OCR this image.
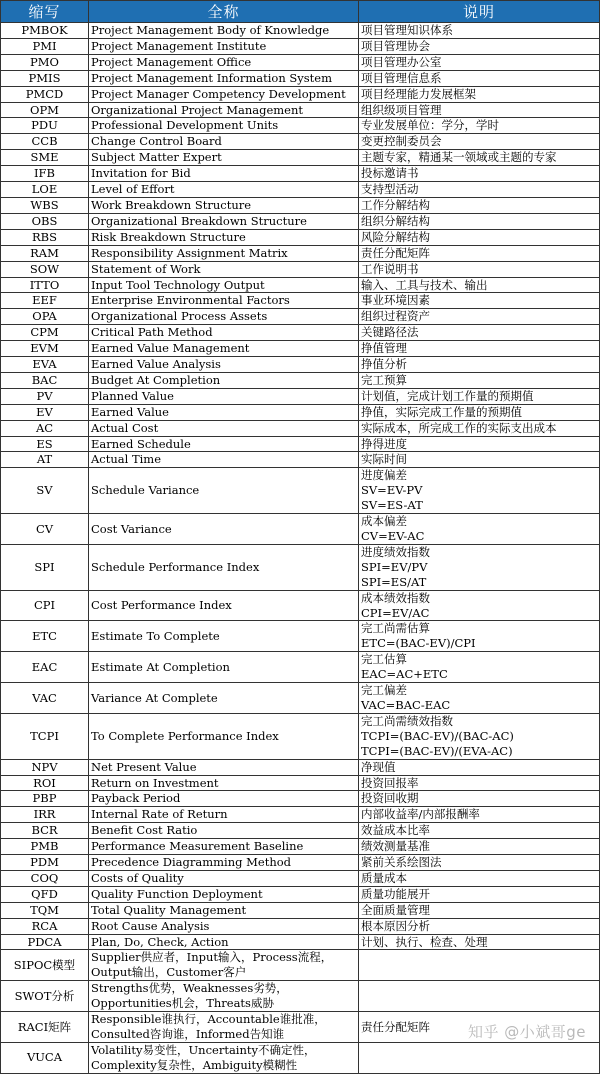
缩写	全称	说明
PMBOK	Project Management Body of Knowledge	项目管理知识体系

PMI	Project Management Institute	项目管理协会

PMO	Project Management Office	项目管理办公室

PMIS	Project Management Information System	项目管理信息系

PMCD	Project Manager Competency Development	项目经理能力发展框架

OPM	Organizational Project Management	组织级项目管理

PDU	Professional Development Units	专业发展单位：学分，学时

CCB	Change Control Board	变更控制委员会

SME	Subject Matter Expert	主题专家，精通某一领域或主题的专家

IFB	Invitation for Bid	投标邀请书

LOE	Level of Effort	支持型活动

WBS	Work Breakdown Structure	工作分解结构

OBS	Organizational Breakdown Structure	组织分解结构

RBS	Risk Breakdown Structure	风险分解结构

RAM	Responsibility Assignment Matrix	责任分配矩阵

SOW	Statement of Work	工作说明书

ITTO	Input Tool Technology Output	输入、工具与技术、输出

EEF	Enterprise Environmental Factors	事业环境因素

OPA	Organizational Process Assets	组织过程资产

CPM	Critical Path Method	关键路径法

EVM	Earned Value Management	挣值管理

EVA	Earned Value Analysis	挣值分析

BAC	Budget At Completion	完工预算

PV	Planned Value	计划值，完成计划工作量的预期值

EV	Earned Value	挣值，实际完成工作量的预期值

AC	Actual Cost	实际成本，所完成工作的实际支出成本

ES	Earned Schedule	挣得进度

AT	Actual Time	实际时间

SV	Schedule Variance	进度偏差
SV=EV-PV
SV=ES-AT

CV	Cost Variance	成本偏差
CV=EV-AC

SPI	Schedule Performance Index	进度绩效指数
SPI=EV/PV
SPI=ES/AT

CPI	Cost Performance Index	成本绩效指数
CPI=EV/AC

ETC	Estimate To Complete	完工尚需估算
ETC=(BAC-EV)/CPI

EAC	Estimate At Completion	完工估算
EAC=AC+ETC

VAC	Variance At Complete	完工偏差
VAC=BAC-EAC

TCPI	To Complete Performance Index	完工尚需绩效指数
TCPI=(BAC-EV)/(BAC-AC)
TCPI=(BAC-EV)/(EVA-AC)

NPV	Net Present Value	净现值

ROI	Return on Investment	投资回报率

PBP	Payback Period	投资回收期

IRR	Internal Rate of Return	内部收益率/内部报酬率

BCR	Benefit Cost Ratio	效益成本比率

PMB	Performance Measurement Baseline	绩效测量基准

PDM	Precedence Diagramming Method	紧前关系绘图法

COQ	Costs of Quality	质量成本

QFD	Quality Function Deployment	质量功能展开

TQM	Total Quality Management	全面质量管理

RCA	Root Cause Analysis	根本原因分析

PDCA	Plan, Do, Check, Action	计划、执行、检查、处理

SIPOC模型	Supplier供应者，Input输入，Process流程，
Output输出，Customer客户	

SWOT分析	Strengths优势，Weaknesses劣势，
Opportunities机会，Threats威胁	

RACI矩阵	Responsible谁执行，Accountable谁批准，
Consulted咨询谁，Informed告知谁	责任分配矩阵

VUCA	Volatility易变性，Uncertainty不确定性，
Complexity复杂性，Ambiguity模糊性	

知乎 @小斌哥ge
